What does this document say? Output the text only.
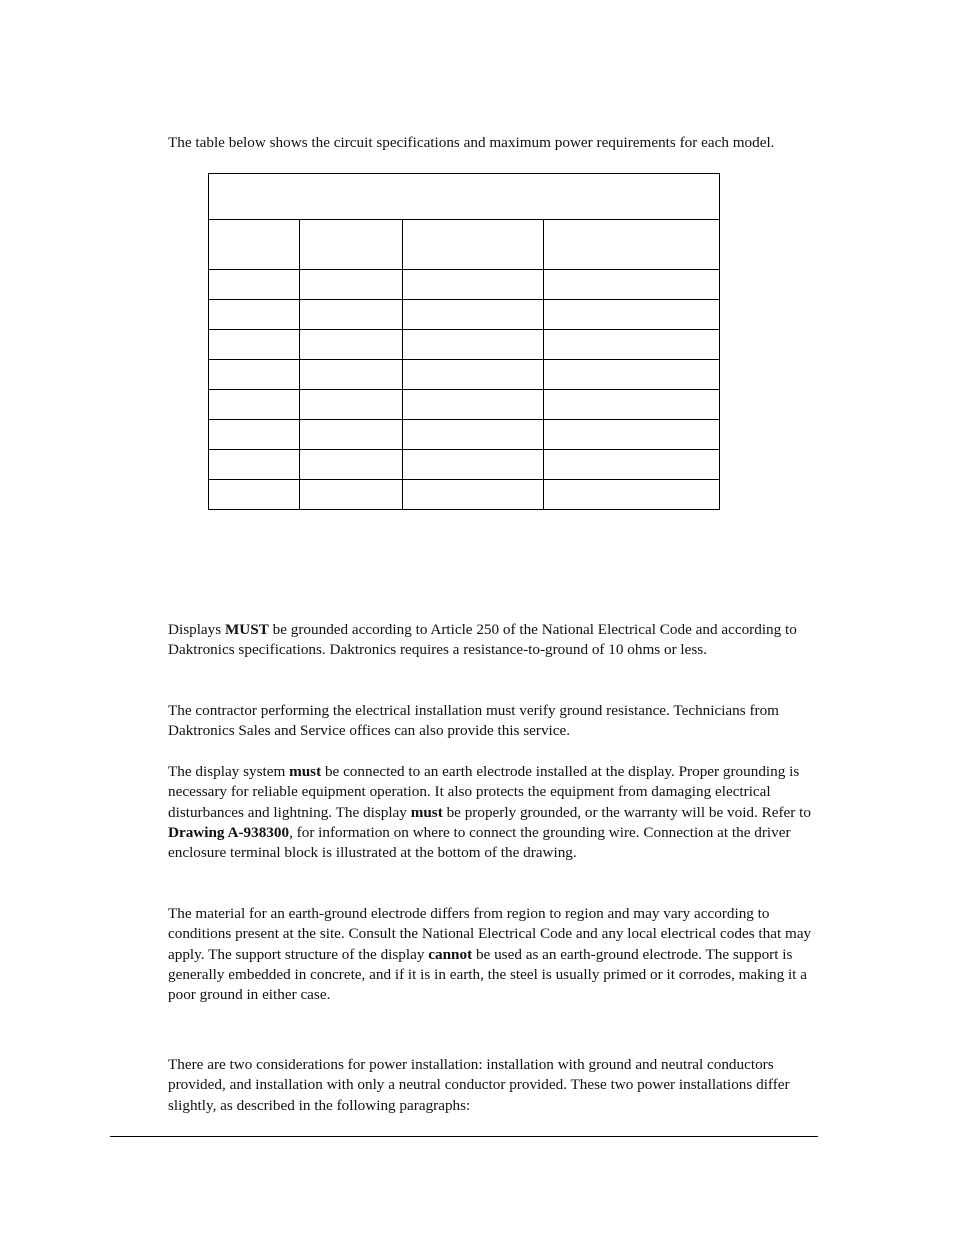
The table below shows the circuit specifications and maximum power requirements for each model.

Displays MUST be grounded according to Article 250 of the National Electrical Code and according to Daktronics specifications. Daktronics requires a resistance-to-ground of 10 ohms or less.

The contractor performing the electrical installation must verify ground resistance. Technicians from Daktronics Sales and Service offices can also provide this service.

The display system must be connected to an earth electrode installed at the display. Proper grounding is necessary for reliable equipment operation. It also protects the equipment from damaging electrical disturbances and lightning. The display must be properly grounded, or the warranty will be void. Refer to Drawing A-938300, for information on where to connect the grounding wire. Connection at the driver enclosure terminal block is illustrated at the bottom of the drawing.

The material for an earth-ground electrode differs from region to region and may vary according to conditions present at the site. Consult the National Electrical Code and any local electrical codes that may apply. The support structure of the display cannot be used as an earth-ground electrode. The support is generally embedded in concrete, and if it is in earth, the steel is usually primed or it corrodes, making it a poor ground in either case.

There are two considerations for power installation: installation with ground and neutral conductors provided, and installation with only a neutral conductor provided. These two power installations differ slightly, as described in the following paragraphs:
